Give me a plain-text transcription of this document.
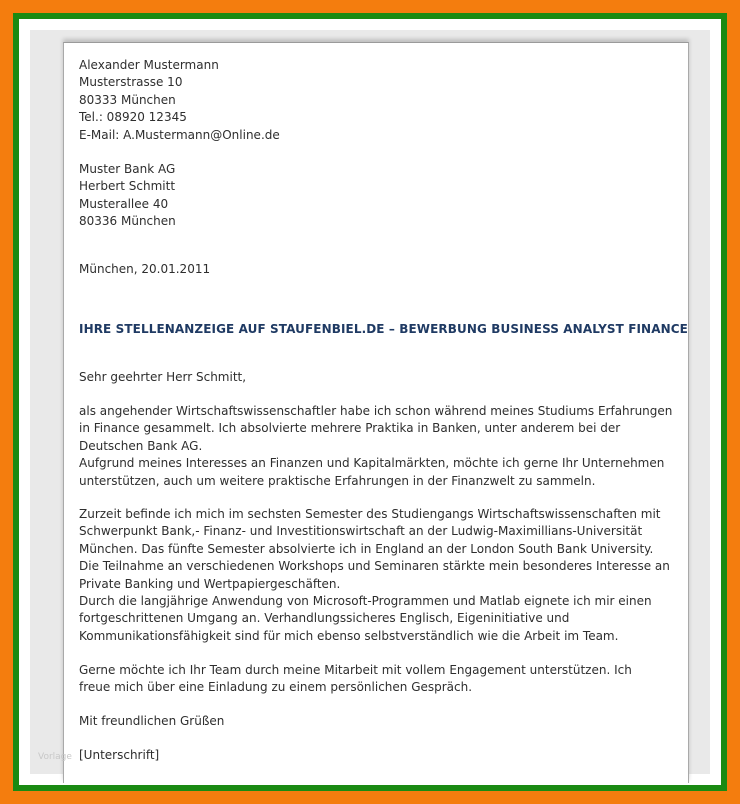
Alexander Mustermann
Musterstrasse 10
80333 München
Tel.: 08920 12345
E-Mail: A.Mustermann@Online.de
Muster Bank AG
Herbert Schmitt
Musterallee 40
80336 München
München, 20.01.2011
IHRE STELLENANZEIGE AUF STAUFENBIEL.DE – BEWERBUNG BUSINESS ANALYST FINANCE
Sehr geehrter Herr Schmitt,
als angehender Wirtschaftswissenschaftler habe ich schon während meines Studiums Erfahrungen
in Finance gesammelt. Ich absolvierte mehrere Praktika in Banken, unter anderem bei der
Deutschen Bank AG.
Aufgrund meines Interesses an Finanzen und Kapitalmärkten, möchte ich gerne Ihr Unternehmen
unterstützen, auch um weitere praktische Erfahrungen in der Finanzwelt zu sammeln.
Zurzeit befinde ich mich im sechsten Semester des Studiengangs Wirtschaftswissenschaften mit
Schwerpunkt Bank,- Finanz- und Investitionswirtschaft an der Ludwig-Maximillians-Universität
München. Das fünfte Semester absolvierte ich in England an der London South Bank University.
Die Teilnahme an verschiedenen Workshops und Seminaren stärkte mein besonderes Interesse an
Private Banking und Wertpapiergeschäften.
Durch die langjährige Anwendung von Microsoft-Programmen und Matlab eignete ich mir einen
fortgeschrittenen Umgang an. Verhandlungssicheres Englisch, Eigeninitiative und
Kommunikationsfähigkeit sind für mich ebenso selbstverständlich wie die Arbeit im Team.
Gerne möchte ich Ihr Team durch meine Mitarbeit mit vollem Engagement unterstützen. Ich
freue mich über eine Einladung zu einem persönlichen Gespräch.
Mit freundlichen Grüßen
[Unterschrift]
Vorlage
